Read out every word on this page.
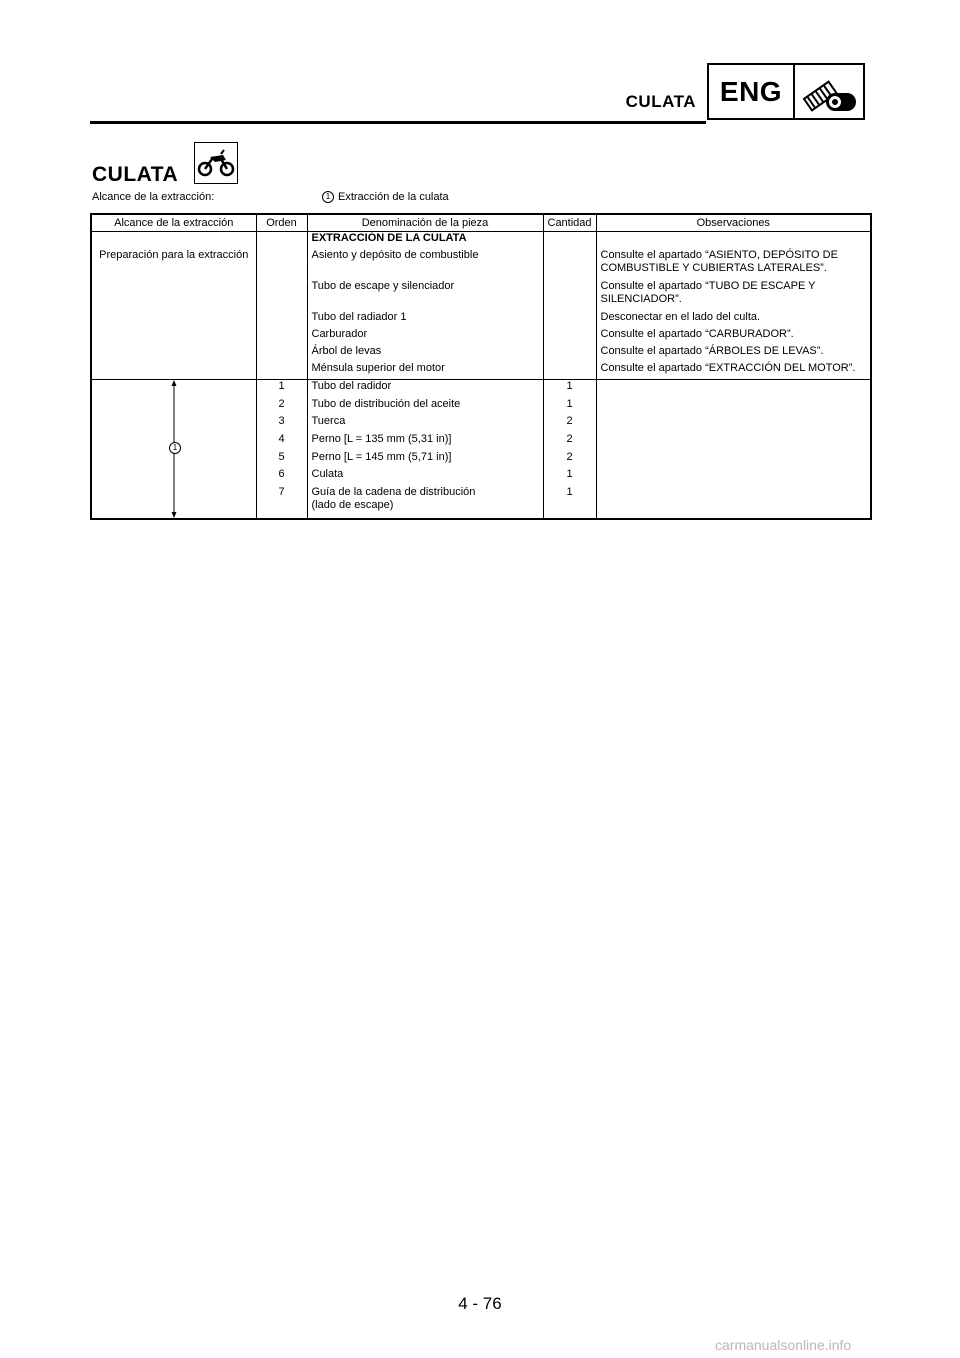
CULATA ENG
CULATA
Alcance de la extracción:	1 Extracción de la culata
Alcance de la extracción	Orden	Denominación de la pieza	Cantidad	Observaciones
		EXTRACCIÓN DE LA CULATA		
Preparación para la extracción		Asiento y depósito de combustible		Consulte el apartado “ASIENTO, DEPÓSITO DE COMBUSTIBLE Y CUBIERTAS LATERALES”.
		Tubo de escape y silenciador		Consulte el apartado “TUBO DE ESCAPE Y SILENCIADOR”.
		Tubo del radiador 1		Desconectar en el lado del culta.
		Carburador		Consulte el apartado “CARBURADOR”.
		Árbol de levas		Consulte el apartado “ÁRBOLES DE LEVAS”.
		Ménsula superior del motor		Consulte el apartado “EXTRACCIÓN DEL MOTOR”.

1	1	Tubo del radidor	1	
	2	Tubo de distribución del aceite	1	
	3	Tuerca	2	
	4	Perno [L = 135 mm (5,31 in)]	2	
	5	Perno [L = 145 mm (5,71 in)]	2	
	6	Culata	1	
	7	Guía de la cadena de distribución (lado de escape)	1	
4 - 76
carmanualsonline.info
